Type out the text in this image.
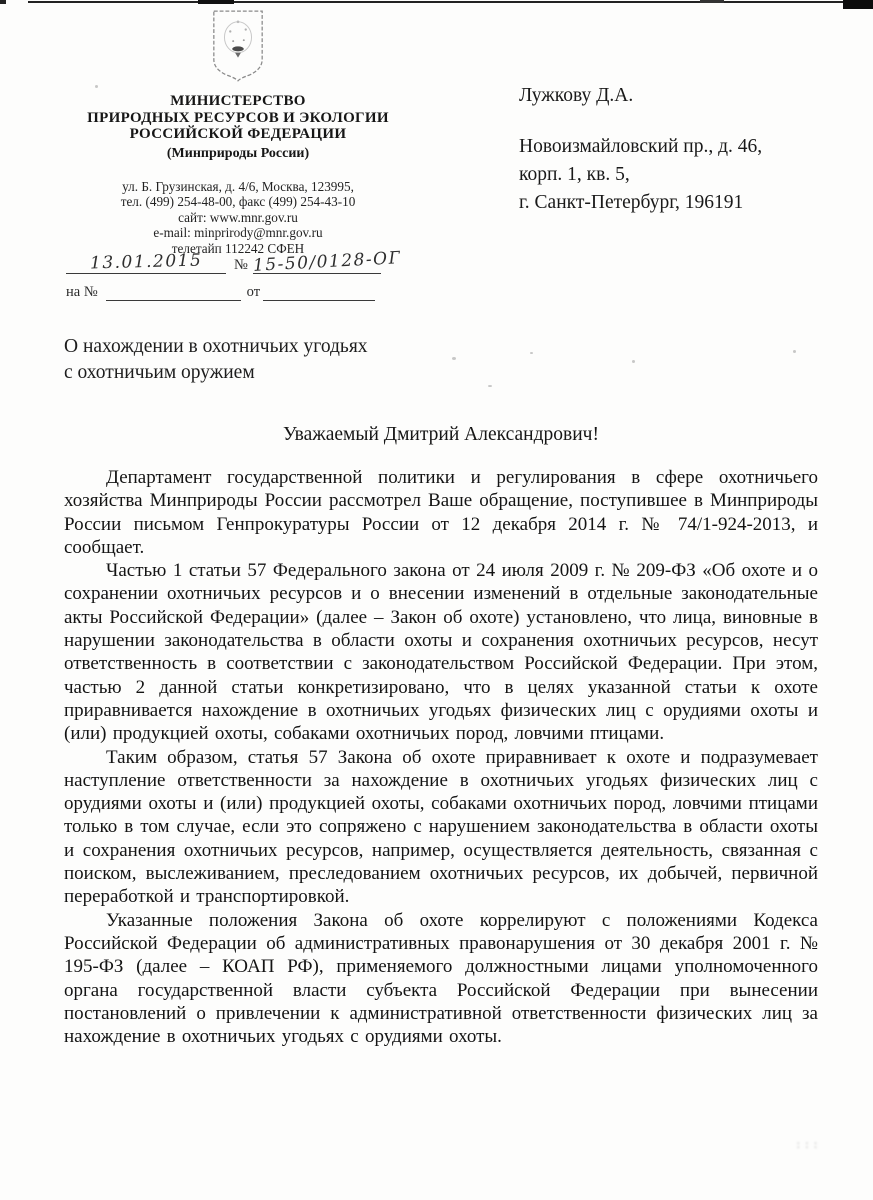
:::
МИНИСТЕРСТВО
ПРИРОДНЫХ РЕСУРСОВ И ЭКОЛОГИИ
РОССИЙСКОЙ ФЕДЕРАЦИИ
(Минприроды России)
ул. Б. Грузинская, д. 4/6, Москва, 123995,
тел. (499) 254-48-00, факс (499) 254-43-10
сайт: www.mnr.gov.ru
e-mail: minprirody@mnr.gov.ru
телетайп 112242 СФЕН
13.01.2015	№ 15-50/0128-ОГ
на №	от
Лужкову Д.А.
Новоизмайловский пр., д. 46,
корп. 1, кв. 5,
г. Санкт-Петербург, 196191
О нахождении в охотничьих угодьях
с охотничьим оружием
Уважаемый Дмитрий Александрович!

Департамент государственной политики и регулирования в сфере охотничьего хозяйства Минприроды России рассмотрел Ваше обращение, поступившее в Минприроды России письмом Генпрокуратуры России от 12 декабря 2014 г. № 74/1-924-2013, и сообщает.

Частью 1 статьи 57 Федерального закона от 24 июля 2009 г. № 209-ФЗ «Об охоте и о сохранении охотничьих ресурсов и о внесении изменений в отдельные законодательные акты Российской Федерации» (далее – Закон об охоте) установлено, что лица, виновные в нарушении законодательства в области охоты и сохранения охотничьих ресурсов, несут ответственность в соответствии с законодательством Российской Федерации. При этом, частью 2 данной статьи конкретизировано, что в целях указанной статьи к охоте приравнивается нахождение в охотничьих угодьях физических лиц с орудиями охоты и (или) продукцией охоты, собаками охотничьих пород, ловчими птицами.

Таким образом, статья 57 Закона об охоте приравнивает к охоте и подразумевает наступление ответственности за нахождение в охотничьих угодьях физических лиц с орудиями охоты и (или) продукцией охоты, собаками охотничьих пород, ловчими птицами только в том случае, если это сопряжено с нарушением законодательства в области охоты и сохранения охотничьих ресурсов, например, осуществляется деятельность, связанная с поиском, выслеживанием, преследованием охотничьих ресурсов, их добычей, первичной переработкой и транспортировкой.

Указанные положения Закона об охоте коррелируют с положениями Кодекса Российской Федерации об административных правонарушения от 30 декабря 2001 г. № 195-ФЗ (далее – КОАП РФ), применяемого должностными лицами уполномоченного органа государственной власти субъекта Российской Федерации при вынесении постановлений о привлечении к административной ответственности физических лиц за нахождение в охотничьих угодьях с орудиями охоты.
